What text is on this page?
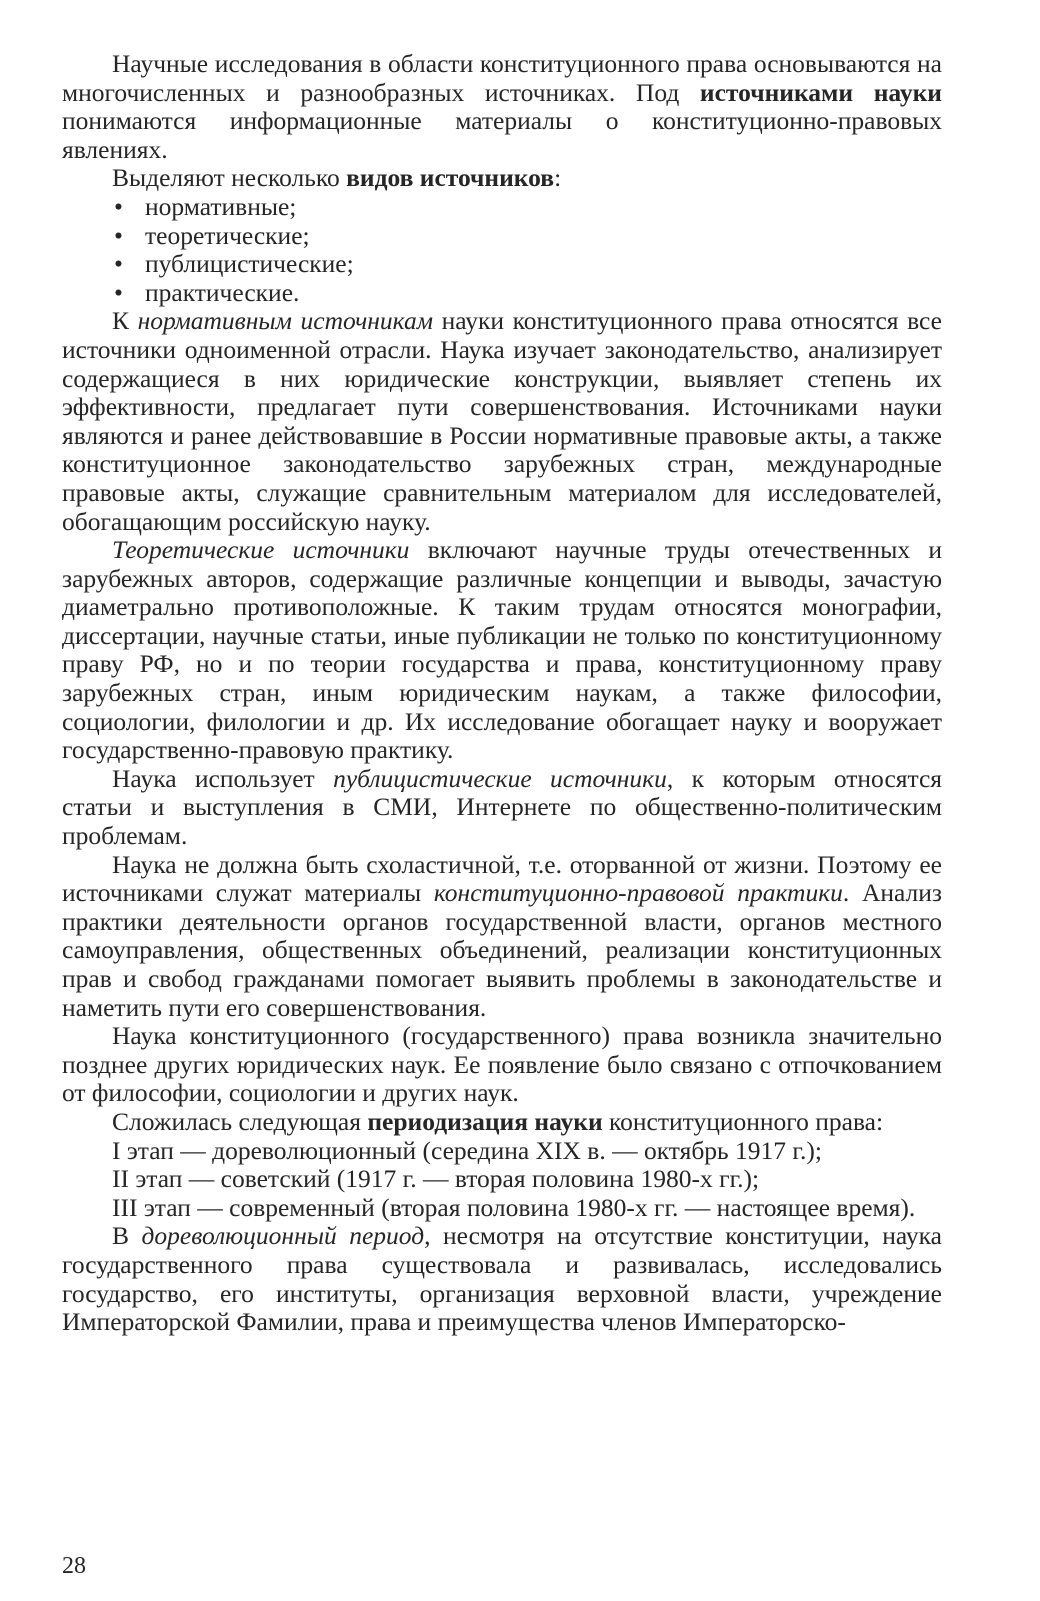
Научные исследования в области конституционного права основываются на многочисленных и разнообразных источниках. Под источниками науки понимаются информационные материалы о конституционно-правовых явлениях.

Выделяют несколько видов источников:

• нормативные;
• теоретические;
• публицистические;
• практические.

К нормативным источникам науки конституционного права относятся все источники одноименной отрасли. Наука изучает законодательство, анализирует содержащиеся в них юридические конструкции, выявляет степень их эффективности, предлагает пути совершенствования. Источниками науки являются и ранее действовавшие в России нормативные правовые акты, а также конституционное законодательство зарубежных стран, международные правовые акты, служащие сравнительным материалом для исследователей, обогащающим российскую науку.

Теоретические источники включают научные труды отечественных и зарубежных авторов, содержащие различные концепции и выводы, зачастую диаметрально противоположные. К таким трудам относятся монографии, диссертации, научные статьи, иные публикации не только по конституционному праву РФ, но и по теории государства и права, конституционному праву зарубежных стран, иным юридическим наукам, а также философии, социологии, филологии и др. Их исследование обогащает науку и вооружает государственно-правовую практику.

Наука использует публицистические источники, к которым относятся статьи и выступления в СМИ, Интернете по общественно-политическим проблемам.

Наука не должна быть схоластичной, т.е. оторванной от жизни. Поэтому ее источниками служат материалы конституционно-правовой практики. Анализ практики деятельности органов государственной власти, органов местного самоуправления, общественных объединений, реализации конституционных прав и свобод гражданами помогает выявить проблемы в законодательстве и наметить пути его совершенствования.

Наука конституционного (государственного) права возникла значительно позднее других юридических наук. Ее появление было связано с отпочкованием от философии, социологии и других наук.

Сложилась следующая периодизация науки конституционного права:

I этап — дореволюционный (середина XIX в. — октябрь 1917 г.);

II этап — советский (1917 г. — вторая половина 1980-х гг.);

III этап — современный (вторая половина 1980-х гг. — настоящее время).

В дореволюционный период, несмотря на отсутствие конституции, наука государственного права существовала и развивалась, исследовались государство, его институты, организация верховной власти, учреждение Императорской Фамилии, права и преимущества членов Императорско-

28
